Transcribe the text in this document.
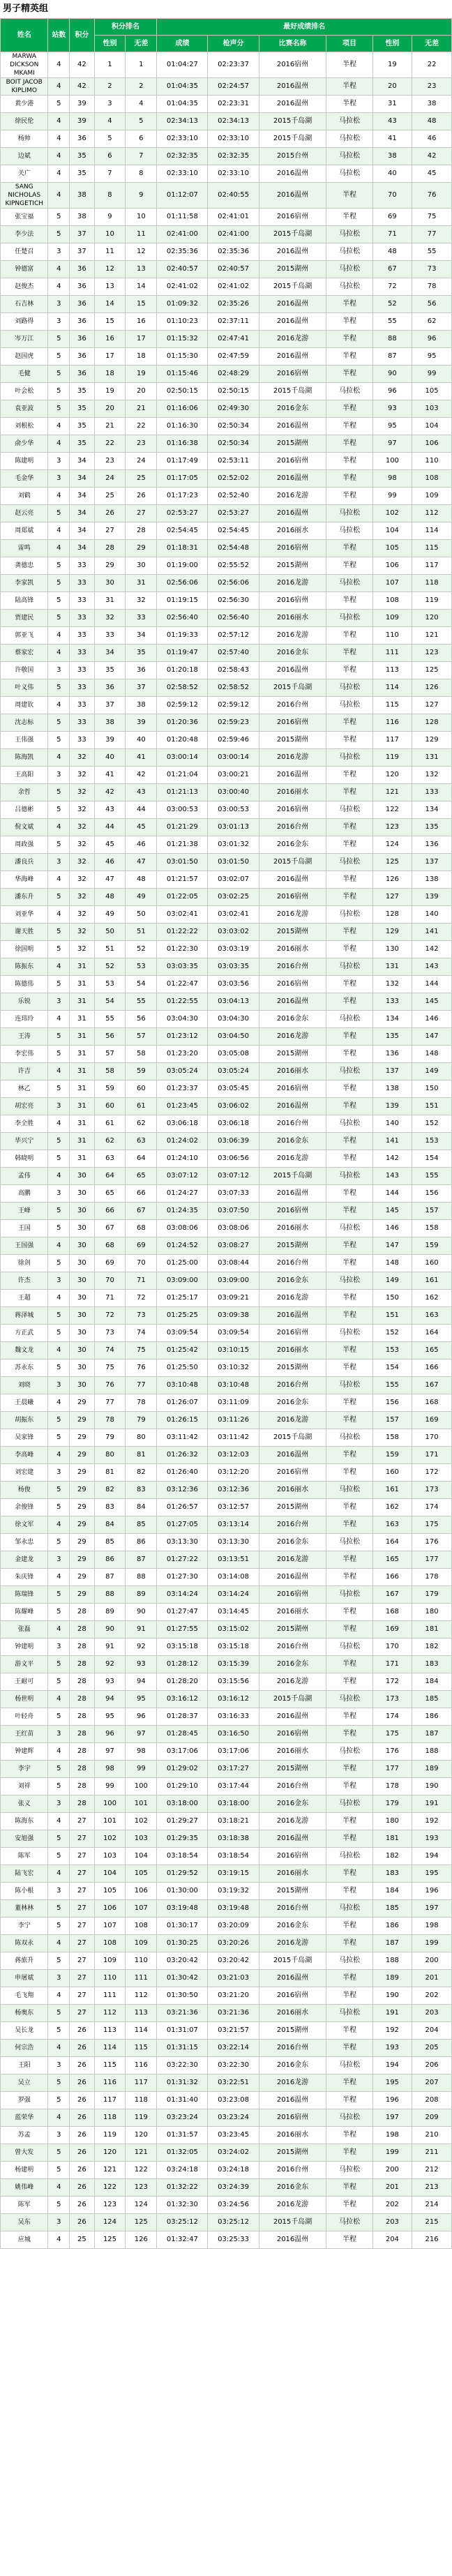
男子精英组
姓名	站数	积分	积分排名		最好成绩排名					
			性别	无差	成绩	枪声分	比赛名称	项目	性别	无差
MARWA DICKSON MKAMI	4	42	1	1	01:04:27	02:23:37	2016宿州	半程	19	22
BOIT JACOB KIPLIMO	4	42	2	2	01:04:35	02:24:57	2016温州	半程	20	23
黄少港	5	39	3	4	01:04:35	02:23:31	2016温州	半程	31	38
徐民伦	4	39	4	5	02:34:13	02:34:13	2015千岛湖	马拉松	43	48
杨帅	4	36	5	6	02:33:10	02:33:10	2015千岛湖	马拉松	41	46
边斌	4	35	6	7	02:32:35	02:32:35	2015台州	马拉松	38	42
关广	4	35	7	8	02:33:10	02:33:10	2016温州	马拉松	40	45
SANG NICHOLAS KIPNGETICH	4	38	8	9	01:12:07	02:40:55	2016温州	半程	70	76
张宝福	5	38	9	10	01:11:58	02:41:01	2016宿州	半程	69	75
李少法	5	37	10	11	02:41:00	02:41:00	2015千岛湖	马拉松	71	77
任楚召	3	37	11	12	02:35:36	02:35:36	2016温州	马拉松	48	55
钟德富	4	36	12	13	02:40:57	02:40:57	2015湖州	马拉松	67	73
赵俊杰	4	36	13	14	02:41:02	02:41:02	2015千岛湖	马拉松	72	78
石吉林	3	36	14	15	01:09:32	02:35:26	2016温州	半程	52	56
刘路得	3	36	15	16	01:10:23	02:37:11	2016温州	半程	55	62
岑万江	5	36	16	17	01:15:32	02:47:41	2016龙游	半程	88	96
赵国虎	5	36	17	18	01:15:30	02:47:59	2016温州	半程	87	95
毛健	5	36	18	19	01:15:46	02:48:29	2016宿州	半程	90	99
叶会松	5	35	19	20	02:50:15	02:50:15	2015千岛湖	马拉松	96	105
袁亚波	5	35	20	21	01:16:06	02:49:30	2016金东	半程	93	103
刘根松	4	35	21	22	01:16:30	02:50:34	2016温州	半程	95	104
俞少华	4	35	22	23	01:16:38	02:50:34	2015湖州	半程	97	106
陈建明	3	34	23	24	01:17:49	02:53:11	2016宿州	半程	100	110
毛金华	3	34	24	25	01:17:05	02:52:02	2016温州	半程	98	108
刘鹤	4	34	25	26	01:17:23	02:52:40	2016龙游	半程	99	109
赵云亮	5	34	26	27	02:53:27	02:53:27	2016温州	马拉松	102	112
周郑斌	4	34	27	28	02:54:45	02:54:45	2016丽水	马拉松	104	114
雷鸣	4	34	28	29	01:18:31	02:54:48	2016宿州	半程	105	115
龚德忠	5	33	29	30	01:19:00	02:55:52	2015湖州	半程	106	117
李家凯	5	33	30	31	02:56:06	02:56:06	2016龙游	马拉松	107	118
陆高锋	5	33	31	32	01:19:15	02:56:30	2016宿州	半程	108	119
贾建民	5	33	32	33	02:56:40	02:56:40	2016丽水	马拉松	109	120
郭亚飞	4	33	33	34	01:19:33	02:57:12	2016龙游	半程	110	121
蔡家宏	4	33	34	35	01:19:47	02:57:40	2016金东	半程	111	123
许敬国	3	33	35	36	01:20:18	02:58:43	2016温州	半程	113	125
叶义伟	5	33	36	37	02:58:52	02:58:52	2015千岛湖	马拉松	114	126
周建钦	4	33	37	38	02:59:12	02:59:12	2016台州	马拉松	115	127
沈志标	5	33	38	39	01:20:36	02:59:23	2016宿州	半程	116	128
王伟强	5	33	39	40	01:20:48	02:59:46	2015湖州	半程	117	129
陈海凯	4	32	40	41	03:00:14	03:00:14	2016龙游	马拉松	119	131
王高阳	3	32	41	42	01:21:04	03:00:21	2016温州	半程	120	132
余哲	5	32	42	43	01:21:13	03:00:40	2016丽水	半程	121	133
吕德彬	5	32	43	44	03:00:53	03:00:53	2016宿州	马拉松	122	134
倪文斌	4	32	44	45	01:21:29	03:01:13	2016台州	半程	123	135
周政强	5	32	45	46	01:21:38	03:01:32	2016金东	半程	124	136
潘良兵	3	32	46	47	03:01:50	03:01:50	2015千岛湖	马拉松	125	137
华海峰	4	32	47	48	01:21:57	03:02:07	2016温州	半程	126	138
潘东升	5	32	48	49	01:22:05	03:02:25	2016宿州	半程	127	139
刘亚华	4	32	49	50	03:02:41	03:02:41	2016龙游	马拉松	128	140
谢天胜	5	32	50	51	01:22:22	03:03:02	2015湖州	半程	129	141
徐国明	5	32	51	52	01:22:30	03:03:19	2016丽水	半程	130	142
陈振东	4	31	52	53	03:03:35	03:03:35	2016台州	马拉松	131	143
陈德伟	5	31	53	54	01:22:47	03:03:56	2016宿州	半程	132	144
乐锐	3	31	54	55	01:22:55	03:04:13	2016温州	半程	133	145
连玮玲	4	31	55	56	03:04:30	03:04:30	2016金东	马拉松	134	146
王涛	5	31	56	57	01:23:12	03:04:50	2016龙游	半程	135	147
李宏伟	5	31	57	58	01:23:20	03:05:08	2015湖州	半程	136	148
许吉	4	31	58	59	03:05:24	03:05:24	2016丽水	马拉松	137	149
林乙	5	31	59	60	01:23:37	03:05:45	2016宿州	半程	138	150
胡宏亮	3	31	60	61	01:23:45	03:06:02	2016温州	半程	139	151
李全胜	4	31	61	62	03:06:18	03:06:18	2016台州	马拉松	140	152
毕兴宁	5	31	62	63	01:24:02	03:06:39	2016金东	半程	141	153
韩晓明	5	31	63	64	01:24:10	03:06:56	2016龙游	半程	142	154
孟伟	4	30	64	65	03:07:12	03:07:12	2015千岛湖	马拉松	143	155
高鹏	3	30	65	66	01:24:27	03:07:33	2016温州	半程	144	156
王峰	5	30	66	67	01:24:35	03:07:50	2016宿州	半程	145	157
王国	5	30	67	68	03:08:06	03:08:06	2016丽水	马拉松	146	158
王国强	4	30	68	69	01:24:52	03:08:27	2015湖州	半程	147	159
徐剑	5	30	69	70	01:25:00	03:08:44	2016台州	半程	148	160
许杰	3	30	70	71	03:09:00	03:09:00	2016金东	马拉松	149	161
王超	4	30	71	72	01:25:17	03:09:21	2016龙游	半程	150	162
蒋泽城	5	30	72	73	01:25:25	03:09:38	2016温州	半程	151	163
方正武	5	30	73	74	03:09:54	03:09:54	2016宿州	马拉松	152	164
魏文龙	4	30	74	75	01:25:42	03:10:15	2016丽水	半程	153	165
苏永东	5	30	75	76	01:25:50	03:10:32	2015湖州	半程	154	166
刘晓	3	30	76	77	03:10:48	03:10:48	2016台州	马拉松	155	167
王晨曦	4	29	77	78	01:26:07	03:11:09	2016金东	半程	156	168
胡振东	5	29	78	79	01:26:15	03:11:26	2016龙游	半程	157	169
吴家锋	5	29	79	80	03:11:42	03:11:42	2015千岛湖	马拉松	158	170
李高峰	4	29	80	81	01:26:32	03:12:03	2016温州	半程	159	171
刘宏建	3	29	81	82	01:26:40	03:12:20	2016宿州	半程	160	172
杨俊	5	29	82	83	03:12:36	03:12:36	2016丽水	马拉松	161	173
余俊锋	5	29	83	84	01:26:57	03:12:57	2015湖州	半程	162	174
徐文军	4	29	84	85	01:27:05	03:13:14	2016台州	半程	163	175
邹永忠	5	29	85	86	03:13:30	03:13:30	2016金东	马拉松	164	176
金建龙	3	29	86	87	01:27:22	03:13:51	2016龙游	半程	165	177
朱庆锋	4	29	87	88	01:27:30	03:14:08	2016温州	半程	166	178
陈瑞锋	5	29	88	89	03:14:24	03:14:24	2016宿州	马拉松	167	179
陈耀峰	5	28	89	90	01:27:47	03:14:45	2016丽水	半程	168	180
张磊	4	28	90	91	01:27:55	03:15:02	2015湖州	半程	169	181
钟建明	3	28	91	92	03:15:18	03:15:18	2016台州	马拉松	170	182
游文平	5	28	92	93	01:28:12	03:15:39	2016金东	半程	171	183
王耐可	5	28	93	94	01:28:20	03:15:56	2016龙游	半程	172	184
杨世明	4	28	94	95	03:16:12	03:16:12	2015千岛湖	马拉松	173	185
叶轻舟	5	28	95	96	01:28:37	03:16:33	2016温州	半程	174	186
王红苗	3	28	96	97	01:28:45	03:16:50	2016宿州	半程	175	187
钟建辉	4	28	97	98	03:17:06	03:17:06	2016丽水	马拉松	176	188
李宇	5	28	98	99	01:29:02	03:17:27	2015湖州	半程	177	189
刘祥	5	28	99	100	01:29:10	03:17:44	2016台州	半程	178	190
张义	3	28	100	101	03:18:00	03:18:00	2016金东	马拉松	179	191
陈海东	4	27	101	102	01:29:27	03:18:21	2016龙游	半程	180	192
安旭强	5	27	102	103	01:29:35	03:18:38	2016温州	半程	181	193
陈军	5	27	103	104	03:18:54	03:18:54	2016宿州	马拉松	182	194
陆飞宏	4	27	104	105	01:29:52	03:19:15	2016丽水	半程	183	195
陈小根	3	27	105	106	01:30:00	03:19:32	2015湖州	半程	184	196
董林林	5	27	106	107	03:19:48	03:19:48	2016台州	马拉松	185	197
李宁	5	27	107	108	01:30:17	03:20:09	2016金东	半程	186	198
陈双永	4	27	108	109	01:30:25	03:20:26	2016龙游	半程	187	199
蒋旅升	5	27	109	110	03:20:42	03:20:42	2015千岛湖	马拉松	188	200
申屠斌	3	27	110	111	01:30:42	03:21:03	2016温州	半程	189	201
毛飞翔	4	27	111	112	01:30:50	03:21:20	2016宿州	半程	190	202
杨奥东	5	27	112	113	03:21:36	03:21:36	2016丽水	马拉松	191	203
吴长龙	5	26	113	114	01:31:07	03:21:57	2015湖州	半程	192	204
何宗浩	4	26	114	115	01:31:15	03:22:14	2016台州	半程	193	205
王阳	3	26	115	116	03:22:30	03:22:30	2016金东	马拉松	194	206
吴立	5	26	116	117	01:31:32	03:22:51	2016龙游	半程	195	207
罗强	5	26	117	118	01:31:40	03:23:08	2016温州	半程	196	208
蓝荣华	4	26	118	119	03:23:24	03:23:24	2016宿州	马拉松	197	209
苏孟	3	26	119	120	01:31:57	03:23:45	2016丽水	半程	198	210
曾大发	5	26	120	121	01:32:05	03:24:02	2015湖州	半程	199	211
杨建明	5	26	121	122	03:24:18	03:24:18	2016台州	马拉松	200	212
姚伟峰	4	26	122	123	01:32:22	03:24:39	2016金东	半程	201	213
陈军	5	26	123	124	01:32:30	03:24:56	2016龙游	半程	202	214
吴东	3	26	124	125	03:25:12	03:25:12	2015千岛湖	马拉松	203	215
应城	4	25	125	126	01:32:47	03:25:33	2016温州	半程	204	216
